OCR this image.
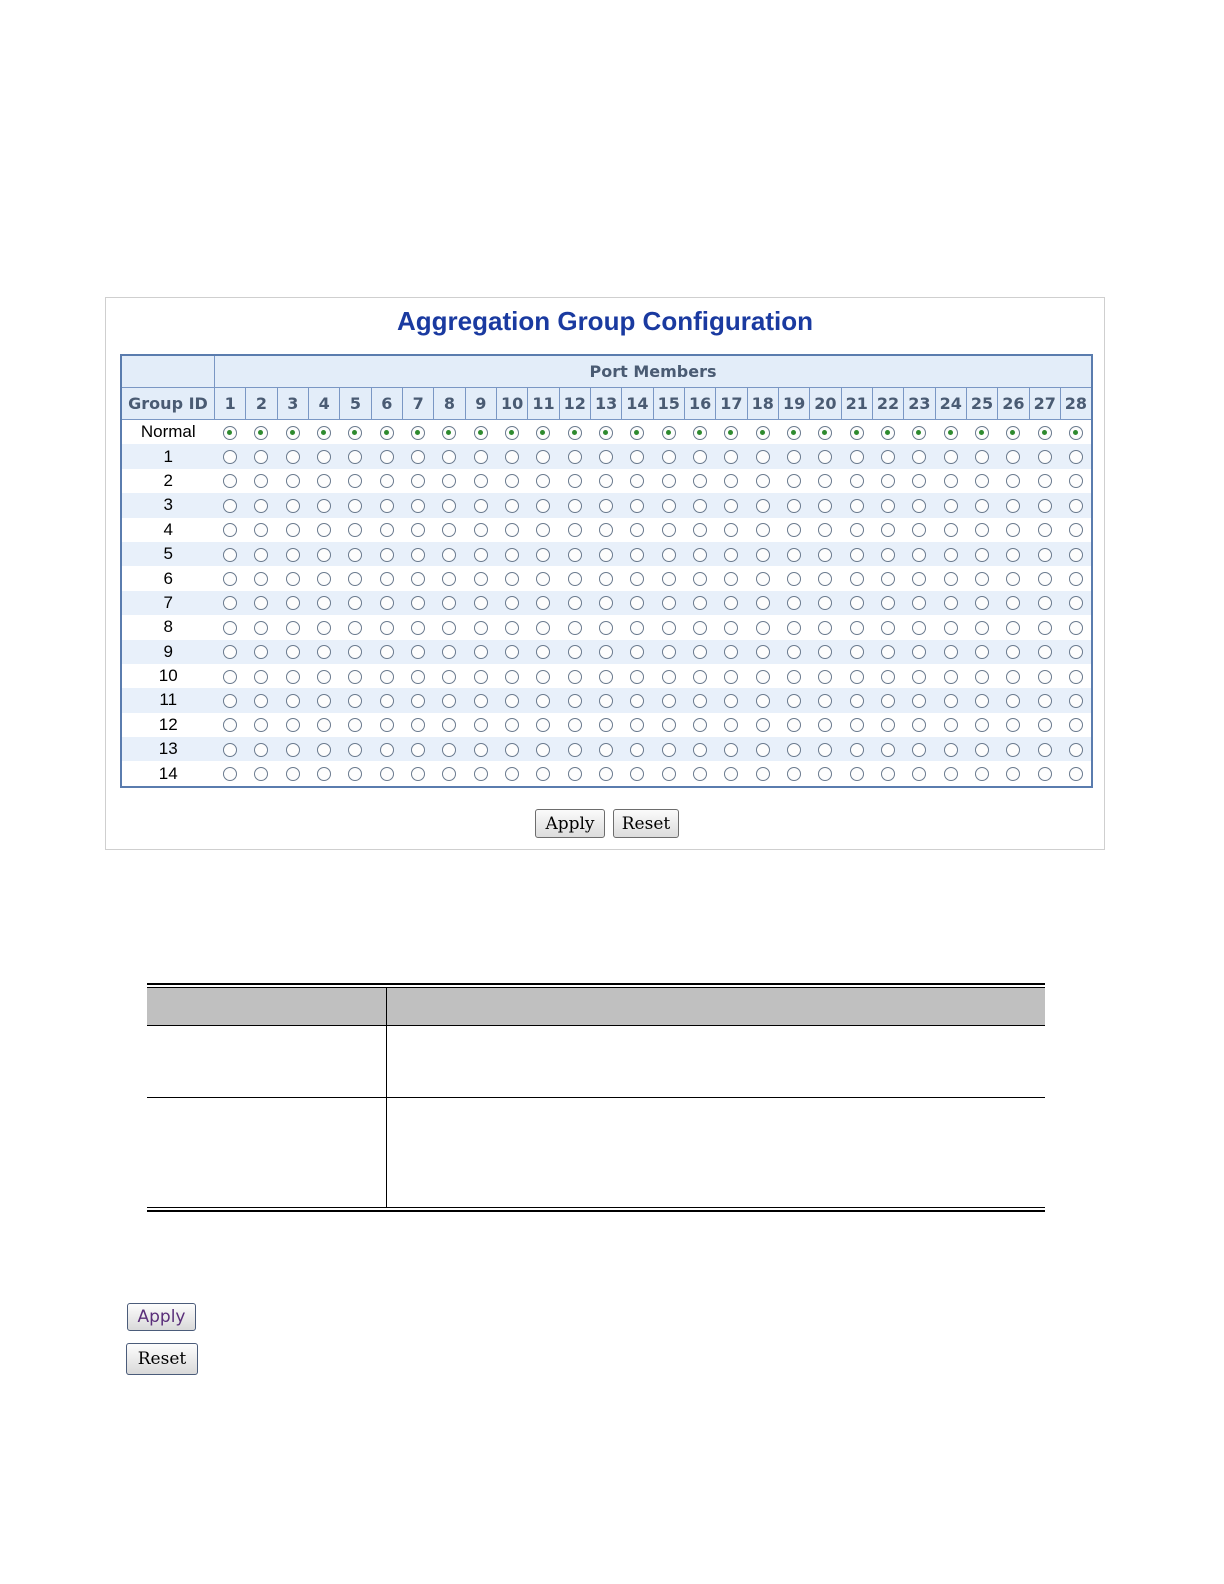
Aggregation Group Configuration
	Port Members																											
Group ID	1	2	3	4	5	6	7	8	9	10	11	12	13	14	15	16	17	18	19	20	21	22	23	24	25	26	27	28
Normal																												
1																												
2																												
3																												
4																												
5																												
6																												
7																												
8																												
9																												
10																												
11																												
12																												
13																												
14																												
Apply	Reset
Apply
Reset
